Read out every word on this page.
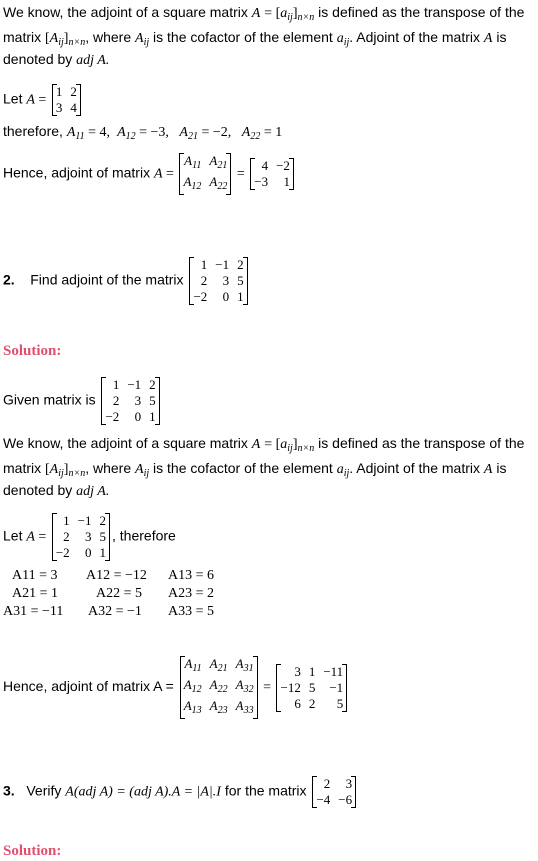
We know, the adjoint of a square matrix $A = [a_{ij}]_{n\times n}$ is defined as the transpose of the
matrix $[A_{ij}]_{n\times n}$, where $A_{ij}$ is the cofactor of the element $a_{ij}$. Adjoint of the matrix A is
denoted by adj A.
Let A = 1	2
3	4

therefore, $A_{11} = 4$,  $A_{12} = -3$,   $A_{21} = -2$,   $A_{22} = 1$
Hence, adjoint of matrix $A = A_{11}$	$A_{21}$
$A_{12}$	$A_{22}$
= 4	−2
−3	1

2. Find adjoint of the matrix 1	−1	2
2	3	5
−2	0	1

Solution:
Given matrix is 1	−1	2
2	3	5
−2	0	1

We know, the adjoint of a square matrix $A = [a_{ij}]_{n\times n}$ is defined as the transpose of the
matrix $[A_{ij}]_{n\times n}$, where $A_{ij}$ is the cofactor of the element $a_{ij}$. Adjoint of the matrix A is
denoted by adj A.
Let A = 1	−1	2
2	3	5
−2	0	1
, therefore
A11 = 3 A12 = −12 A13 = 6
A21 = 1	A22 = 5 A23 = 2
A31 = −11 A32 = −1 A33 = 5
Hence, adjoint of matrix $A = A_{11}$	$A_{21}$	$A_{31}$
$A_{12}$	$A_{22}$	$A_{32}$
$A_{13}$	$A_{23}$	$A_{33}$
= 3	1	−11
−12	5	−1
6	2	5

3. Verify A(adj A) = (adj A).A = |A|.I for the matrix 2	3
−4	−6

Solution:
